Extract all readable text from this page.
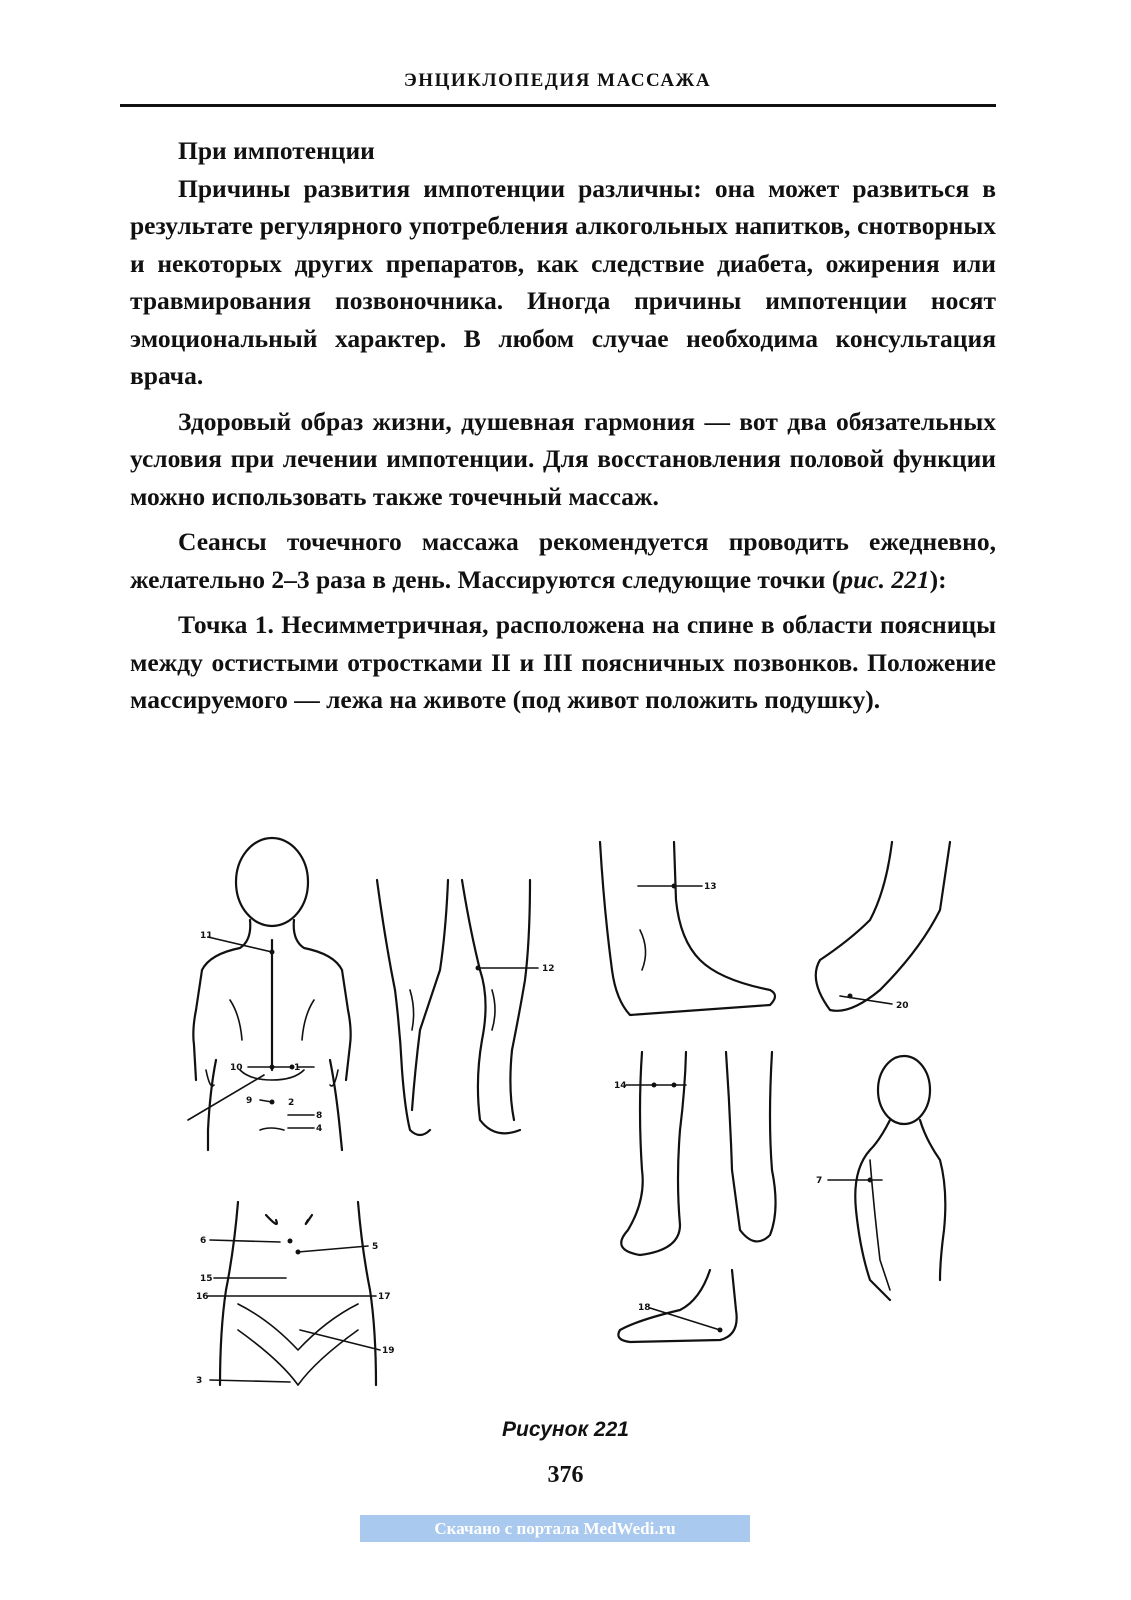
ЭНЦИКЛОПЕДИЯ МАССАЖА

При импотенции

Причины развития импотенции различны: она может развиться в результате регулярного употребления алкогольных напитков, снотворных и некоторых других препаратов, как следствие диабета, ожирения или травмирования позвоночника. Иногда причины импотенции носят эмоциональный характер. В любом случае необходима консультация врача.

Здоровый образ жизни, душевная гармония — вот два обязательных условия при лечении импотенции. Для восстановления половой функции можно использовать также точечный массаж.

Сеансы точечного массажа рекомендуется проводить ежедневно, желательно 2–3 раза в день. Массируются следующие точки (рис. 221):

Точка 1. Несимметричная, расположена на спине в области поясницы между остистыми отростками II и III поясничных позвонков. Положение массируемого — лежа на животе (под живот положить подушку).

11
12
13
20
10
14
9
8
7
6
5
15
16	17
18
19
3
4
2
1
Рисунок 221
376
Скачано с портала MedWedi.ru
